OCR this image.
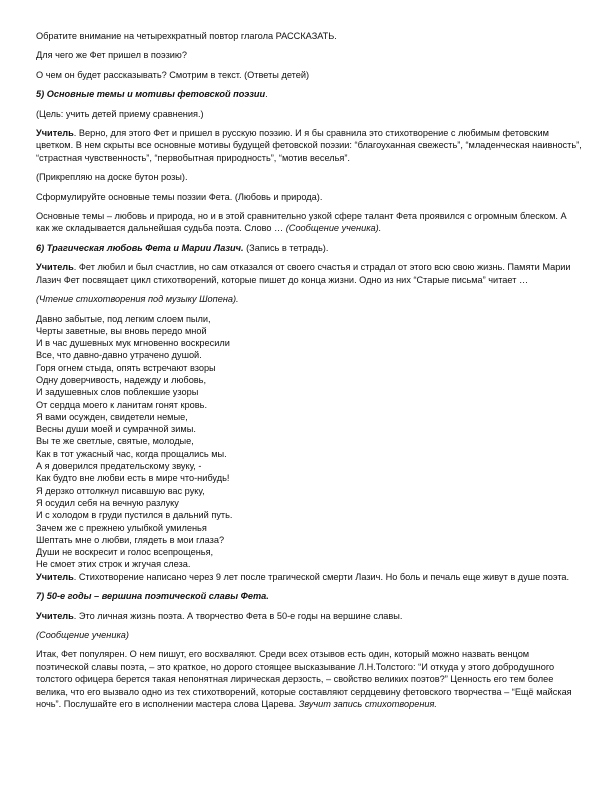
Обратите внимание на четырехкратный повтор глагола РАССКАЗАТЬ.

Для чего же Фет пришел в поэзию?

О чем он будет рассказывать? Смотрим в текст. (Ответы детей)

5) Основные темы и мотивы фетовской поэзии.

(Цель: учить детей приему сравнения.)

Учитель. Верно, для этого Фет и пришел в русскую поэзию. И я бы сравнила это стихотворение с любимым фетовским цветком. В нем скрыты все основные мотивы будущей фетовской поэзии: “благоуханная свежесть”, “младенческая наивность”, “страстная чувственность”, “первобытная природность”, “мотив веселья”.

(Прикрепляю на доске бутон розы).

Сформулируйте основные темы поэзии Фета. (Любовь и природа).

Основные темы – любовь и природа, но и в этой сравнительно узкой сфере талант Фета проявился с огромным блеском. А как же складывается дальнейшая судьба поэта. Слово … (Сообщение ученика).

6) Трагическая любовь Фета и Марии Лазич. (Запись в тетрадь).

Учитель. Фет любил и был счастлив, но сам отказался от своего счастья и страдал от этого всю свою жизнь. Памяти Марии Лазич Фет посвящает цикл стихотворений, которые пишет до конца жизни. Одно из них “Старые письма” читает …

(Чтение стихотворения под музыку Шопена).

Давно забытые, под легким слоем пыли,
Черты заветные, вы вновь передо мной
И в час душевных мук мгновенно воскресили
Все, что давно-давно утрачено душой.
Горя огнем стыда, опять встречают взоры
Одну доверчивость, надежду и любовь,
И задушевных слов поблекшие узоры
От сердца моего к ланитам гонят кровь.
Я вами осужден, свидетели немые,
Весны души моей и сумрачной зимы.
Вы те же светлые, святые, молодые,
Как в тот ужасный час, когда прощались мы.
А я доверился предательскому звуку, -
Как будто вне любви есть в мире что-нибудь!
Я дерзко оттолкнул писавшую вас руку,
Я осудил себя на вечную разлуку
И с холодом в груди пустился в дальний путь.
Зачем же с прежнею улыбкой умиленья
Шептать мне о любви, глядеть в мои глаза?
Души не воскресит и голос всепрощенья,
Не смоет этих строк и жгучая слеза.

Учитель. Стихотворение написано через 9 лет после трагической смерти Лазич. Но боль и печаль еще живут в душе поэта.

7) 50-е годы – вершина поэтической славы Фета.

Учитель. Это личная жизнь поэта. А творчество Фета в 50-е годы на вершине славы.

(Сообщение ученика)

Итак, Фет популярен. О нем пишут, его восхваляют. Среди всех отзывов есть один, который можно назвать венцом поэтической славы поэта, – это краткое, но дорого стоящее высказывание Л.Н.Толстого: “И откуда у этого добродушного толстого офицера берется такая непонятная лирическая дерзость, – свойство великих поэтов?” Ценность его тем более велика, что его вызвало одно из тех стихотворений, которые составляют сердцевину фетовского творчества – “Ещё майская ночь”. Послушайте его в исполнении мастера слова Царева. Звучит запись стихотворения.
